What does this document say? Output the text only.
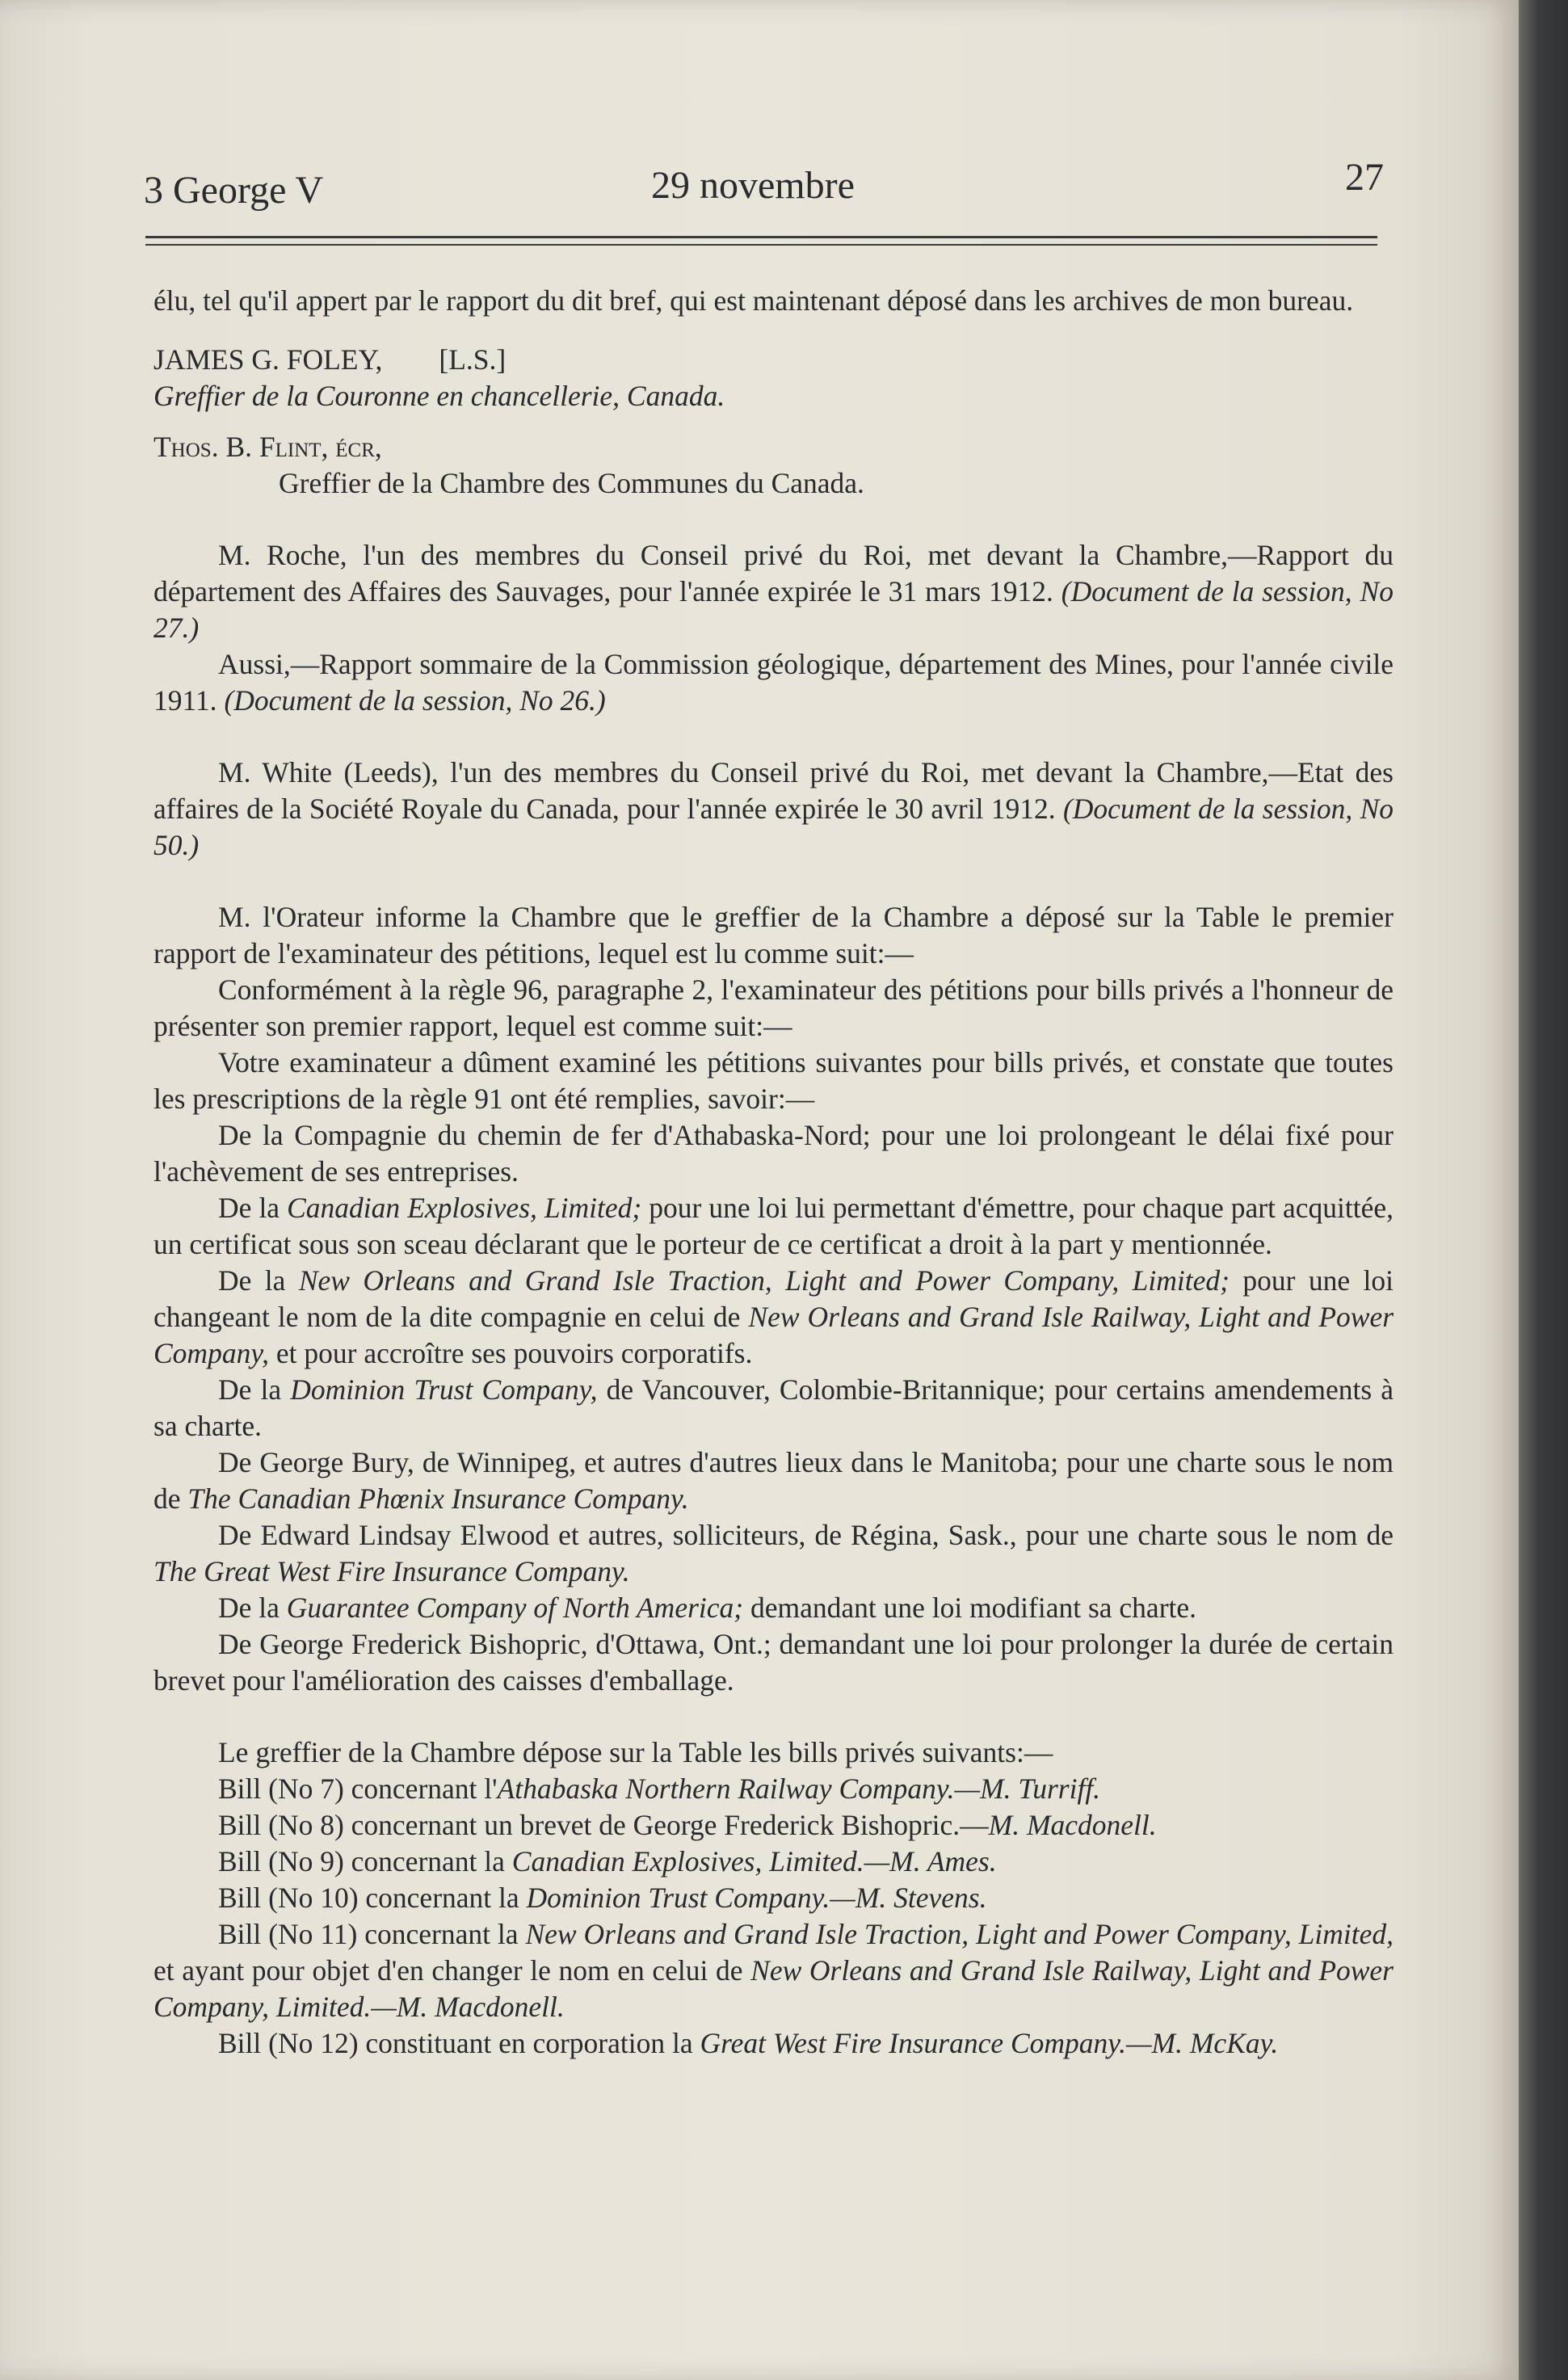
3 George V	29 novembre	27

élu, tel qu'il appert par le rapport du dit bref, qui est maintenant déposé dans les archives de mon bureau.

JAMES G. FOLEY, [L.S.]

Greffier de la Couronne en chancellerie, Canada.

Thos. B. Flint, écr,

Greffier de la Chambre des Communes du Canada.

M. Roche, l'un des membres du Conseil privé du Roi, met devant la Chambre,—Rapport du département des Affaires des Sauvages, pour l'année expirée le 31 mars 1912. (Document de la session, No 27.)

Aussi,—Rapport sommaire de la Commission géologique, département des Mines, pour l'année civile 1911. (Document de la session, No 26.)

M. White (Leeds), l'un des membres du Conseil privé du Roi, met devant la Chambre,—Etat des affaires de la Société Royale du Canada, pour l'année expirée le 30 avril 1912. (Document de la session, No 50.)

M. l'Orateur informe la Chambre que le greffier de la Chambre a déposé sur la Table le premier rapport de l'examinateur des pétitions, lequel est lu comme suit:—

Conformément à la règle 96, paragraphe 2, l'examinateur des pétitions pour bills privés a l'honneur de présenter son premier rapport, lequel est comme suit:—

Votre examinateur a dûment examiné les pétitions suivantes pour bills privés, et constate que toutes les prescriptions de la règle 91 ont été remplies, savoir:—

De la Compagnie du chemin de fer d'Athabaska-Nord; pour une loi prolongeant le délai fixé pour l'achèvement de ses entreprises.

De la Canadian Explosives, Limited; pour une loi lui permettant d'émettre, pour chaque part acquittée, un certificat sous son sceau déclarant que le porteur de ce certificat a droit à la part y mentionnée.

De la New Orleans and Grand Isle Traction, Light and Power Company, Limited; pour une loi changeant le nom de la dite compagnie en celui de New Orleans and Grand Isle Railway, Light and Power Company, et pour accroître ses pouvoirs corporatifs.

De la Dominion Trust Company, de Vancouver, Colombie-Britannique; pour certains amendements à sa charte.

De George Bury, de Winnipeg, et autres d'autres lieux dans le Manitoba; pour une charte sous le nom de The Canadian Phœnix Insurance Company.

De Edward Lindsay Elwood et autres, solliciteurs, de Régina, Sask., pour une charte sous le nom de The Great West Fire Insurance Company.

De la Guarantee Company of North America; demandant une loi modifiant sa charte.

De George Frederick Bishopric, d'Ottawa, Ont.; demandant une loi pour prolonger la durée de certain brevet pour l'amélioration des caisses d'emballage.

Le greffier de la Chambre dépose sur la Table les bills privés suivants:—

Bill (No 7) concernant l'Athabaska Northern Railway Company.—M. Turriff.

Bill (No 8) concernant un brevet de George Frederick Bishopric.—M. Macdonell.

Bill (No 9) concernant la Canadian Explosives, Limited.—M. Ames.

Bill (No 10) concernant la Dominion Trust Company.—M. Stevens.

Bill (No 11) concernant la New Orleans and Grand Isle Traction, Light and Power Company, Limited, et ayant pour objet d'en changer le nom en celui de New Orleans and Grand Isle Railway, Light and Power Company, Limited.—M. Macdonell.

Bill (No 12) constituant en corporation la Great West Fire Insurance Company.—M. McKay.
